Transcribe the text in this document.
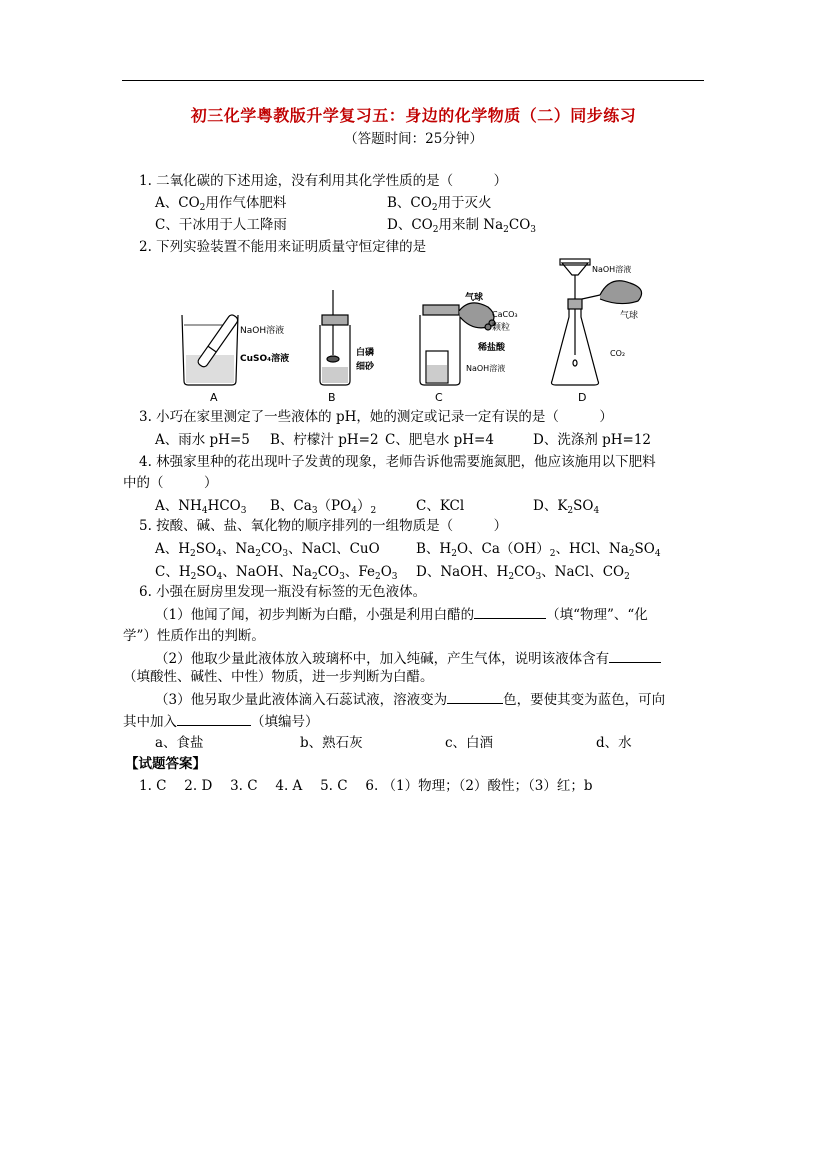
初三化学粤教版升学复习五：身边的化学物质（二）同步练习
（答题时间：25分钟）
1. 二氧化碳的下述用途，没有利用其化学性质的是（　　　）
A、$CO_2$用作气体肥料	B、$CO_2$用于灭火
C、干冰用于人工降雨	D、$CO_2$用来制 $Na_2CO_3$
2. 下列实验装置不能用来证明质量守恒定律的是
NaOH溶液
CuSO₄溶液
A
白磷
细砂
B
气球
CaCO₃
颗粒
稀盐酸
NaOH溶液
C
NaOH溶液
气球
CO₂
D
3. 小巧在家里测定了一些液体的 pH，她的测定或记录一定有误的是（　　　）
A、雨水 pH=5 B、柠檬汁 pH=2 C、肥皂水 pH=4	D、洗涤剂 pH=12
4. 林强家里种的花出现叶子发黄的现象，老师告诉他需要施氮肥，他应该施用以下肥料
中的（　　　）
A、$NH_4HCO_3$ B、$Ca_3(PO_4)_2$	C、KCl	D、$K_2SO_4$
5. 按酸、碱、盐、氧化物的顺序排列的一组物质是（　　　）
A、$H_2SO_4$、$Na_2CO_3$、NaCl、CuO	B、$H_2O$、$Ca(OH)_2$、HCl、$Na_2SO_4$
C、$H_2SO_4$、NaOH、$Na_2CO_3$、$Fe_2O_3$ D、NaOH、$H_2CO_3$、NaCl、$CO_2$
6. 小强在厨房里发现一瓶没有标签的无色液体。
（1）他闻了闻，初步判断为白醋，小强是利用白醋的	（填“物理”、“化
学”）性质作出的判断。
（2）他取少量此液体放入玻璃杯中，加入纯碱，产生气体，说明该液体含有
（填酸性、碱性、中性）物质，进一步判断为白醋。
（3）他另取少量此液体滴入石蕊试液，溶液变为	色，要使其变为蓝色，可向
其中加入	（填编号）
a、食盐	b、熟石灰	c、白酒	d、水
【试题答案】
1. C　 2. D　 3. C　 4. A　 5. C　 6. （1）物理；（2）酸性；（3）红；b
